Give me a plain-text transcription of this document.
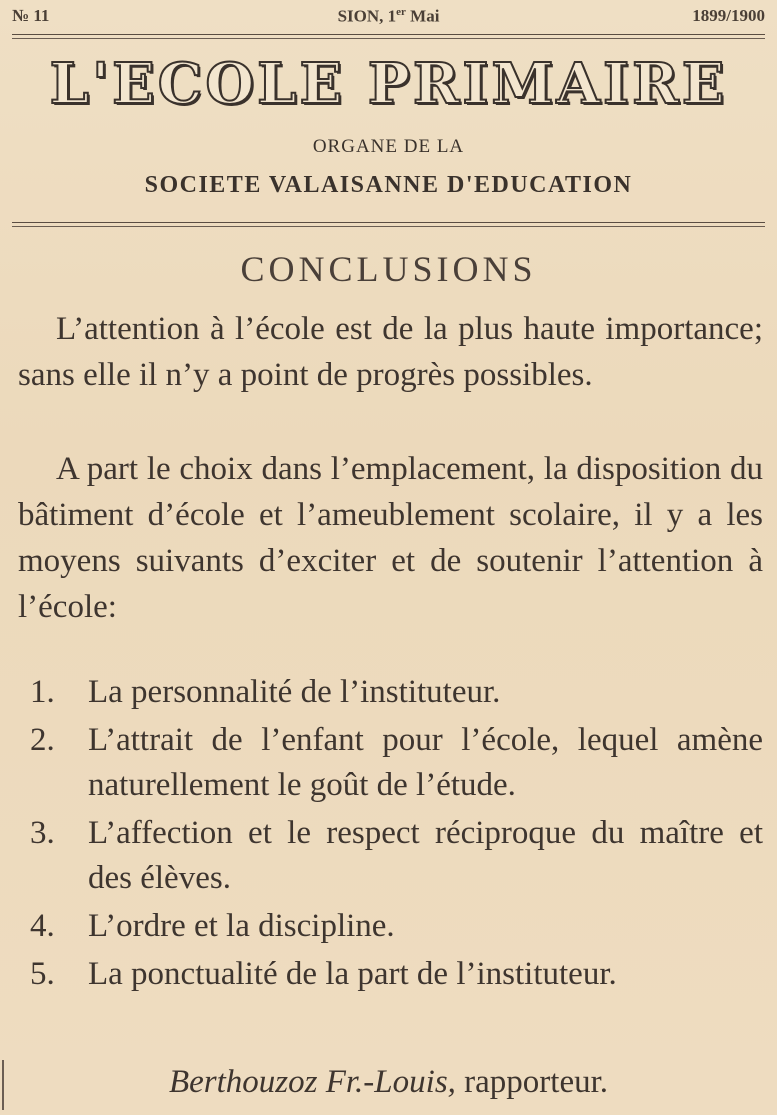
№ 11	SION, 1er Mai	1899/1900
L'ECOLE PRIMAIRE
ORGANE DE LA
SOCIETE VALAISANNE D'EDUCATION
CONCLUSIONS
L’attention à l’école est de la plus haute importance; sans elle il n’y a point de progrès possibles.
A part le choix dans l’emplacement, la disposition du bâtiment d’école et l’ameublement scolaire, il y a les moyens suivants d’exciter et de soutenir l’attention à l’école:
1. La personnalité de l’instituteur.
2. L’attrait de l’enfant pour l’école, lequel amène naturellement le goût de l’étude.
3. L’affection et le respect réciproque du maître et des élèves.
4. L’ordre et la discipline.
5. La ponctualité de la part de l’instituteur.
Berthouzoz Fr.-Louis, rapporteur.
